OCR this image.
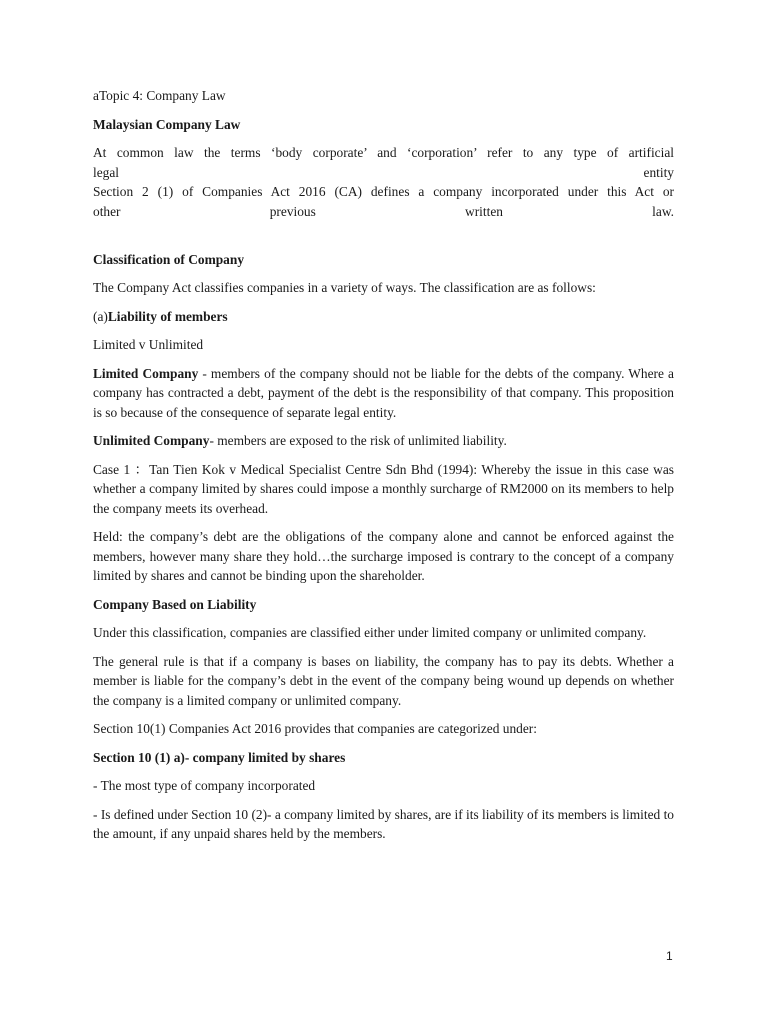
aTopic 4: Company Law

Malaysian Company Law

At common law the terms ‘body corporate’ and ‘corporation’ refer to any type of artificial
legal	entity

Section 2 (1) of Companies Act 2016 (CA) defines a company incorporated under this Act or
other previous written law.

Classification of Company

The Company Act classifies companies in a variety of ways. The classification are as follows:

(a)Liability of members

Limited v Unlimited

Limited Company - members of the company should not be liable for the debts of the company. Where a company has contracted a debt, payment of the debt is the responsibility of that company. This proposition is so because of the consequence of separate legal entity.

Unlimited Company- members are exposed to the risk of unlimited liability.

Case 1 ：Tan Tien Kok v Medical Specialist Centre Sdn Bhd (1994): Whereby the issue in this case was whether a company limited by shares could impose a monthly surcharge of RM2000 on its members to help the company meets its overhead.

Held: the company’s debt are the obligations of the company alone and cannot be enforced against the members, however many share they hold…the surcharge imposed is contrary to the concept of a company limited by shares and cannot be binding upon the shareholder.

Company Based on Liability

Under this classification, companies are classified either under limited company or unlimited company.

The general rule is that if a company is bases on liability, the company has to pay its debts. Whether a member is liable for the company’s debt in the event of the company being wound up depends on whether the company is a limited company or unlimited company.

Section 10(1) Companies Act 2016 provides that companies are categorized under:

Section 10 (1) a)- company limited by shares

- The most type of company incorporated

- Is defined under Section 10 (2)- a company limited by shares, are if its liability of its members is limited to the amount, if any unpaid shares held by the members.

1
